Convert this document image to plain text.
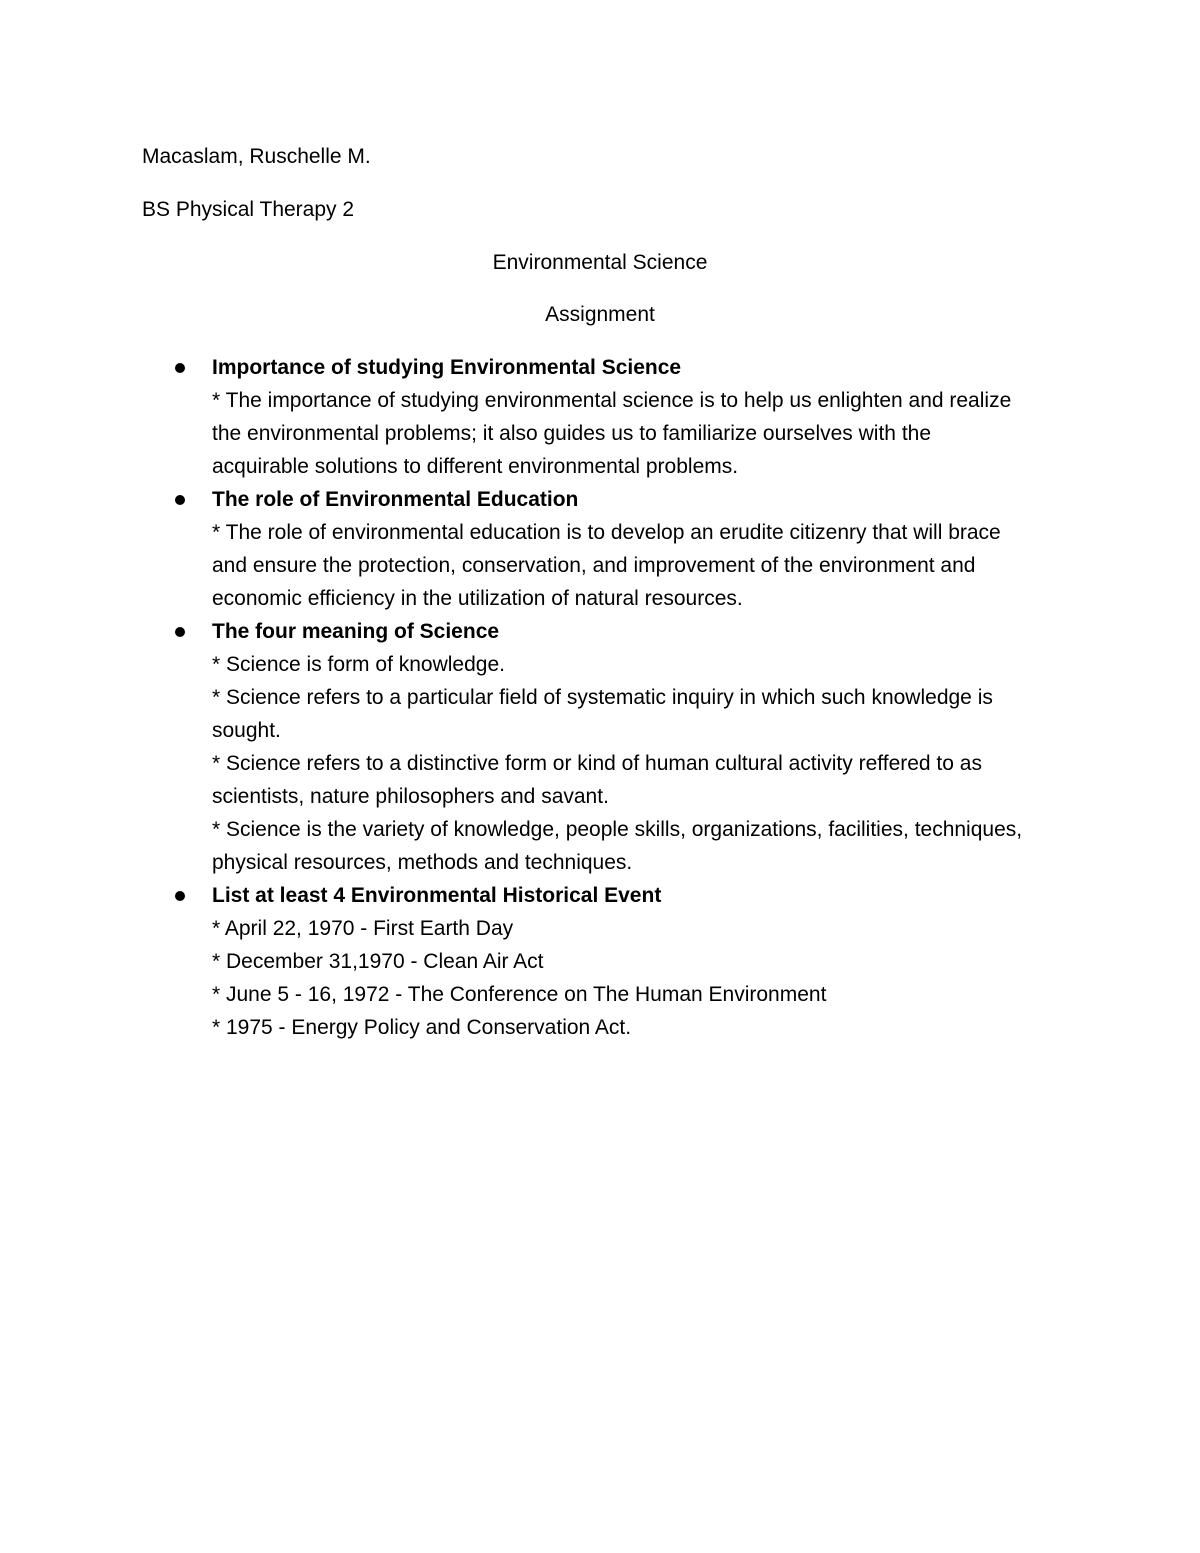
Macaslam, Ruschelle M.
BS Physical Therapy 2
Environmental Science
Assignment
Importance of studying Environmental Science
* The importance of studying environmental science is to help us enlighten and realize
the environmental problems; it also guides us to familiarize ourselves with the
acquirable solutions to different environmental problems.
The role of Environmental Education
* The role of environmental education is to develop an erudite citizenry that will brace
and ensure the protection, conservation, and improvement of the environment and
economic efficiency in the utilization of natural resources.
The four meaning of Science
* Science is form of knowledge.
* Science refers to a particular field of systematic inquiry in which such knowledge is
sought.
* Science refers to a distinctive form or kind of human cultural activity reffered to as
scientists, nature philosophers and savant.
* Science is the variety of knowledge, people skills, organizations, facilities, techniques,
physical resources, methods and techniques.
List at least 4 Environmental Historical Event
* April 22, 1970 - First Earth Day
* December 31,1970 - Clean Air Act
* June 5 - 16, 1972 - The Conference on The Human Environment
* 1975 - Energy Policy and Conservation Act.
